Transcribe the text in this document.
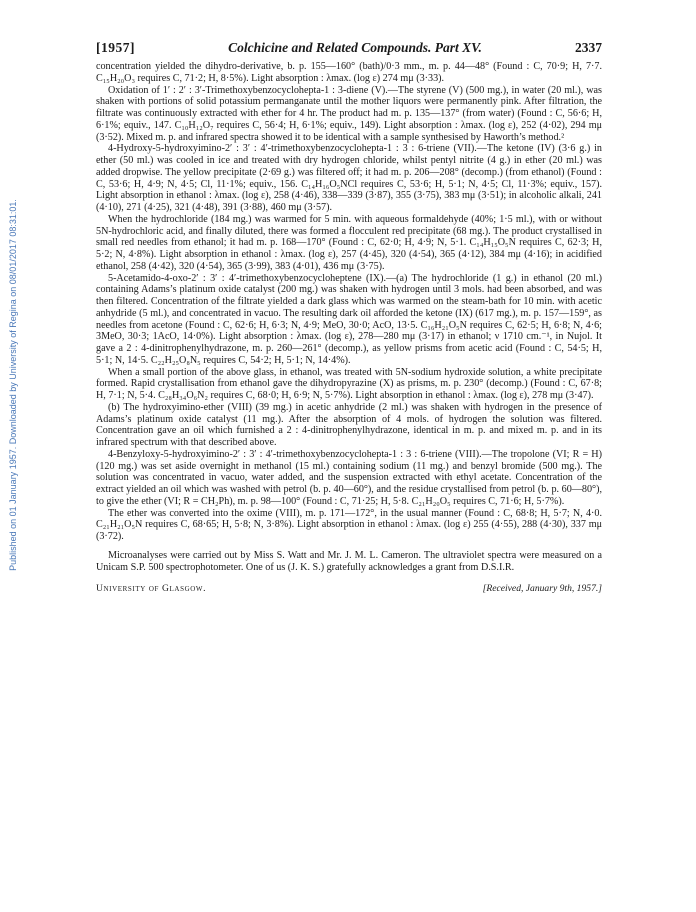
Published on 01 January 1957. Downloaded by University of Regina on 08/01/2017 08:31:01.
[1957]	Colchicine and Related Compounds. Part XV.	2337

concentration yielded the dihydro-derivative, b. p. 155—160° (bath)/0·3 mm., m. p. 44—48° (Found : C, 70·9; H, 7·7. C₁₅H₂₀O₃ requires C, 71·2; H, 8·5%). Light absorption : λmax. (log ε) 274 mμ (3·33).

Oxidation of 1′ : 2′ : 3′-Trimethoxybenzocyclohepta-1 : 3-diene (V).—The styrene (V) (500 mg.), in water (20 ml.), was shaken with portions of solid potassium permanganate until the mother liquors were permanently pink. After filtration, the filtrate was continuously extracted with ether for 4 hr. The product had m. p. 135—137° (from water) (Found : C, 56·6; H, 6·1%; equiv., 147. C₁₀H₁₂O₇ requires C, 56·4; H, 6·1%; equiv., 149). Light absorption : λmax. (log ε), 252 (4·02), 294 mμ (3·52). Mixed m. p. and infrared spectra showed it to be identical with a sample synthesised by Haworth’s method.²

4-Hydroxy-5-hydroxyimino-2′ : 3′ : 4′-trimethoxybenzocyclohepta-1 : 3 : 6-triene (VII).—The ketone (IV) (3·6 g.) in ether (50 ml.) was cooled in ice and treated with dry hydrogen chloride, whilst pentyl nitrite (4 g.) in ether (20 ml.) was added dropwise. The yellow precipitate (2·69 g.) was filtered off; it had m. p. 206—208° (decomp.) (from ethanol) (Found : C, 53·6; H, 4·9; N, 4·5; Cl, 11·1%; equiv., 156. C₁₄H₁₆O₅NCl requires C, 53·6; H, 5·1; N, 4·5; Cl, 11·3%; equiv., 157). Light absorption in ethanol : λmax. (log ε), 258 (4·46), 338—339 (3·87), 355 (3·75), 383 mμ (3·51); in alcoholic alkali, 241 (4·10), 271 (4·25), 321 (4·48), 391 (3·88), 460 mμ (3·57).

When the hydrochloride (184 mg.) was warmed for 5 min. with aqueous formaldehyde (40%; 1·5 ml.), with or without 5N-hydrochloric acid, and finally diluted, there was formed a flocculent red precipitate (68 mg.). The product crystallised in small red needles from ethanol; it had m. p. 168—170° (Found : C, 62·0; H, 4·9; N, 5·1. C₁₄H₁₅O₅N requires C, 62·3; H, 5·2; N, 4·8%). Light absorption in ethanol : λmax. (log ε), 257 (4·45), 320 (4·54), 365 (4·12), 384 mμ (4·16); in acidified ethanol, 258 (4·42), 320 (4·54), 365 (3·99), 383 (4·01), 436 mμ (3·75).

5-Acetamido-4-oxo-2′ : 3′ : 4′-trimethoxybenzocycloheptene (IX).—(a) The hydrochloride (1 g.) in ethanol (20 ml.) containing Adams’s platinum oxide catalyst (200 mg.) was shaken with hydrogen until 3 mols. had been absorbed, and was then filtered. Concentration of the filtrate yielded a dark glass which was warmed on the steam-bath for 10 min. with acetic anhydride (5 ml.), and concentrated in vacuo. The resulting dark oil afforded the ketone (IX) (617 mg.), m. p. 157—159°, as needles from acetone (Found : C, 62·6; H, 6·3; N, 4·9; MeO, 30·0; AcO, 13·5. C₁₆H₂₁O₅N requires C, 62·5; H, 6·8; N, 4·6; 3MeO, 30·3; 1AcO, 14·0%). Light absorption : λmax. (log ε), 278—280 mμ (3·17) in ethanol; ν 1710 cm.⁻¹, in Nujol. It gave a 2 : 4-dinitrophenylhydrazone, m. p. 260—261° (decomp.), as yellow prisms from acetic acid (Found : C, 54·5; H, 5·1; N, 14·5. C₂₂H₂₅O₈N₅ requires C, 54·2; H, 5·1; N, 14·4%).

When a small portion of the above glass, in ethanol, was treated with 5N-sodium hydroxide solution, a white precipitate formed. Rapid crystallisation from ethanol gave the dihydropyrazine (X) as prisms, m. p. 230° (decomp.) (Found : C, 67·8; H, 7·1; N, 5·4. C₂₈H₃₄O₆N₂ requires C, 68·0; H, 6·9; N, 5·7%). Light absorption in ethanol : λmax. (log ε), 278 mμ (3·47).

(b) The hydroxyimino-ether (VIII) (39 mg.) in acetic anhydride (2 ml.) was shaken with hydrogen in the presence of Adams’s platinum oxide catalyst (11 mg.). After the absorption of 4 mols. of hydrogen the solution was filtered. Concentration gave an oil which furnished a 2 : 4-dinitrophenylhydrazone, identical in m. p. and mixed m. p. and in its infrared spectrum with that described above.

4-Benzyloxy-5-hydroxyimino-2′ : 3′ : 4′-trimethoxybenzocyclohepta-1 : 3 : 6-triene (VIII).—The tropolone (VI; R = H) (120 mg.) was set aside overnight in methanol (15 ml.) containing sodium (11 mg.) and benzyl bromide (500 mg.). The solution was concentrated in vacuo, water added, and the suspension extracted with ethyl acetate. Concentration of the extract yielded an oil which was washed with petrol (b. p. 40—60°), and the residue crystallised from petrol (b. p. 60—80°), to give the ether (VI; R = CH₂Ph), m. p. 98—100° (Found : C, 71·25; H, 5·8. C₂₁H₂₀O₅ requires C, 71·6; H, 5·7%).

The ether was converted into the oxime (VIII), m. p. 171—172°, in the usual manner (Found : C, 68·8; H, 5·7; N, 4·0. C₂₁H₂₁O₅N requires C, 68·65; H, 5·8; N, 3·8%). Light absorption in ethanol : λmax. (log ε) 255 (4·55), 288 (4·30), 337 mμ (3·72).

Microanalyses were carried out by Miss S. Watt and Mr. J. M. L. Cameron. The ultraviolet spectra were measured on a Unicam S.P. 500 spectrophotometer. One of us (J. K. S.) gratefully acknowledges a grant from D.S.I.R.

University of Glasgow.	[Received, January 9th, 1957.]
